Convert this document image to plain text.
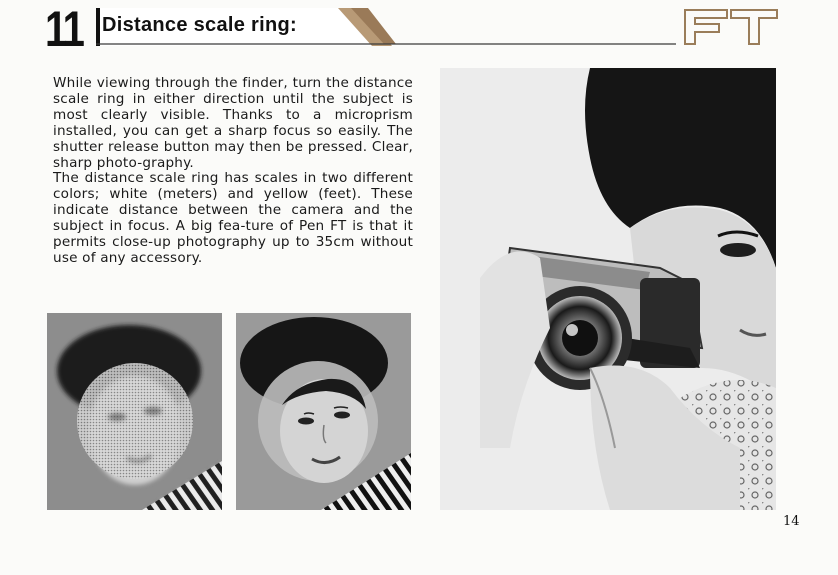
11 Distance scale ring:

While viewing through the finder, turn the distance scale ring in either direction until the subject is most clearly visible. Thanks to a microprism installed, you can get a sharp focus so easily. The shutter release button may then be pressed. Clear, sharp photo-graphy.

The distance scale ring has scales in two different colors; white (meters) and yellow (feet). These indicate distance between the camera and the subject in focus. A big fea-ture of Pen FT is that it permits close-up photography up to 35cm without use of any accessory.

14
